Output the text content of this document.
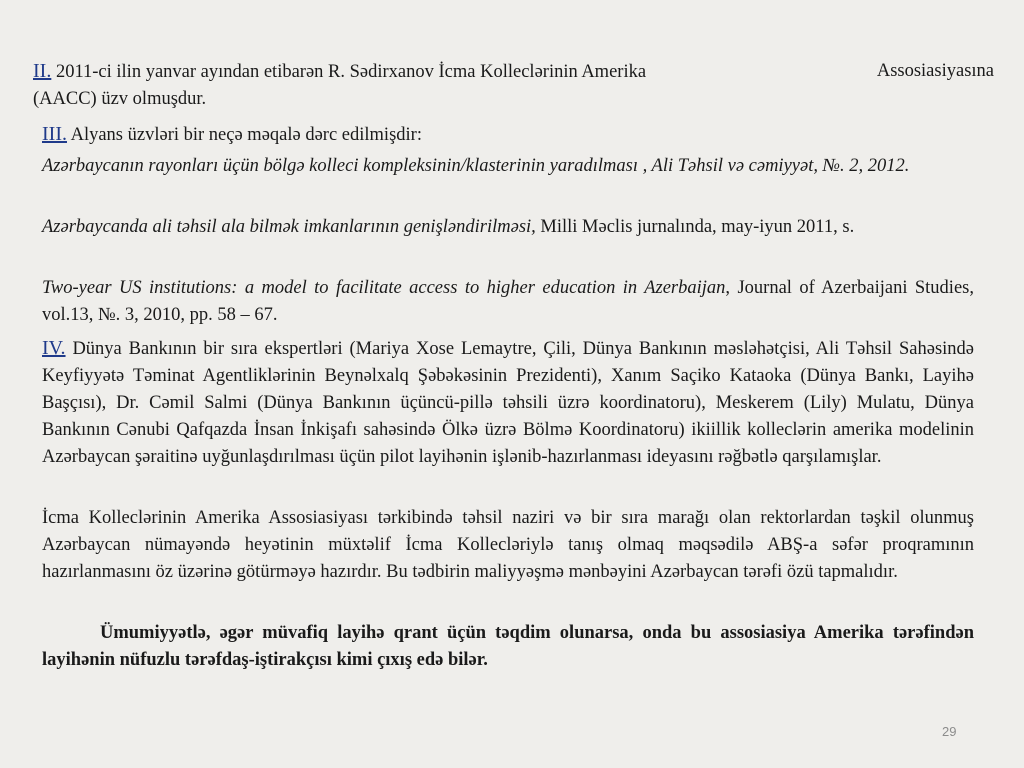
II. 2011-ci ilin yanvar ayından etibarən R. Sədirxanov İcma Kolleclərinin Amerika	Assosiasiyasına
(AACC) üzv olmuşdur.
III. Alyans üzvləri bir neçə məqalə dərc edilmişdir:
Azərbaycanın rayonları üçün bölgə kolleci kompleksinin/klasterinin yaradılması , Ali Təhsil və cəmiyyət, №. 2, 2012.
Azərbaycanda ali təhsil ala bilmək imkanlarının genişləndirilməsi, Milli Məclis jurnalında, may-iyun 2011, s.
Two-year US institutions: a model to facilitate access to higher education in Azerbaijan, Journal of Azerbaijani Studies, vol.13, №. 3, 2010, pp. 58 – 67.
IV. Dünya Bankının bir sıra ekspertləri (Mariya Xose Lemaytre, Çili, Dünya Bankının məsləhətçisi, Ali Təhsil Sahəsində Keyfiyyətə Təminat Agentliklərinin Beynəlxalq Şəbəkəsinin Prezidenti), Xanım Saçiko Kataoka (Dünya Bankı, Layihə Başçısı), Dr. Cəmil Salmi (Dünya Bankının üçüncü-pillə təhsili üzrə koordinatoru), Meskerem (Lily) Mulatu, Dünya Bankının Cənubi Qafqazda İnsan İnkişafı sahəsində Ölkə üzrə Bölmə Koordinatoru) ikiillik kolleclərin amerika modelinin Azərbaycan şəraitinə uyğunlaşdırılması üçün pilot layihənin işlənib-hazırlanması ideyasını rəğbətlə qarşılamışlar.
İcma Kolleclərinin Amerika Assosiasiyası tərkibində təhsil naziri və bir sıra marağı olan rektorlardan təşkil olunmuş Azərbaycan nümayəndə heyətinin müxtəlif İcma Kollecləriylə tanış olmaq məqsədilə ABŞ-a səfər proqramının hazırlanmasını öz üzərinə götürməyə hazırdır. Bu tədbirin maliyyəşmə mənbəyini Azərbaycan tərəfi özü tapmalıdır.
Ümumiyyətlə, əgər müvafiq layihə qrant üçün təqdim olunarsa, onda bu assosiasiya Amerika tərəfindən layihənin nüfuzlu tərəfdaş-iştirakçısı kimi çıxış edə bilər.
29
